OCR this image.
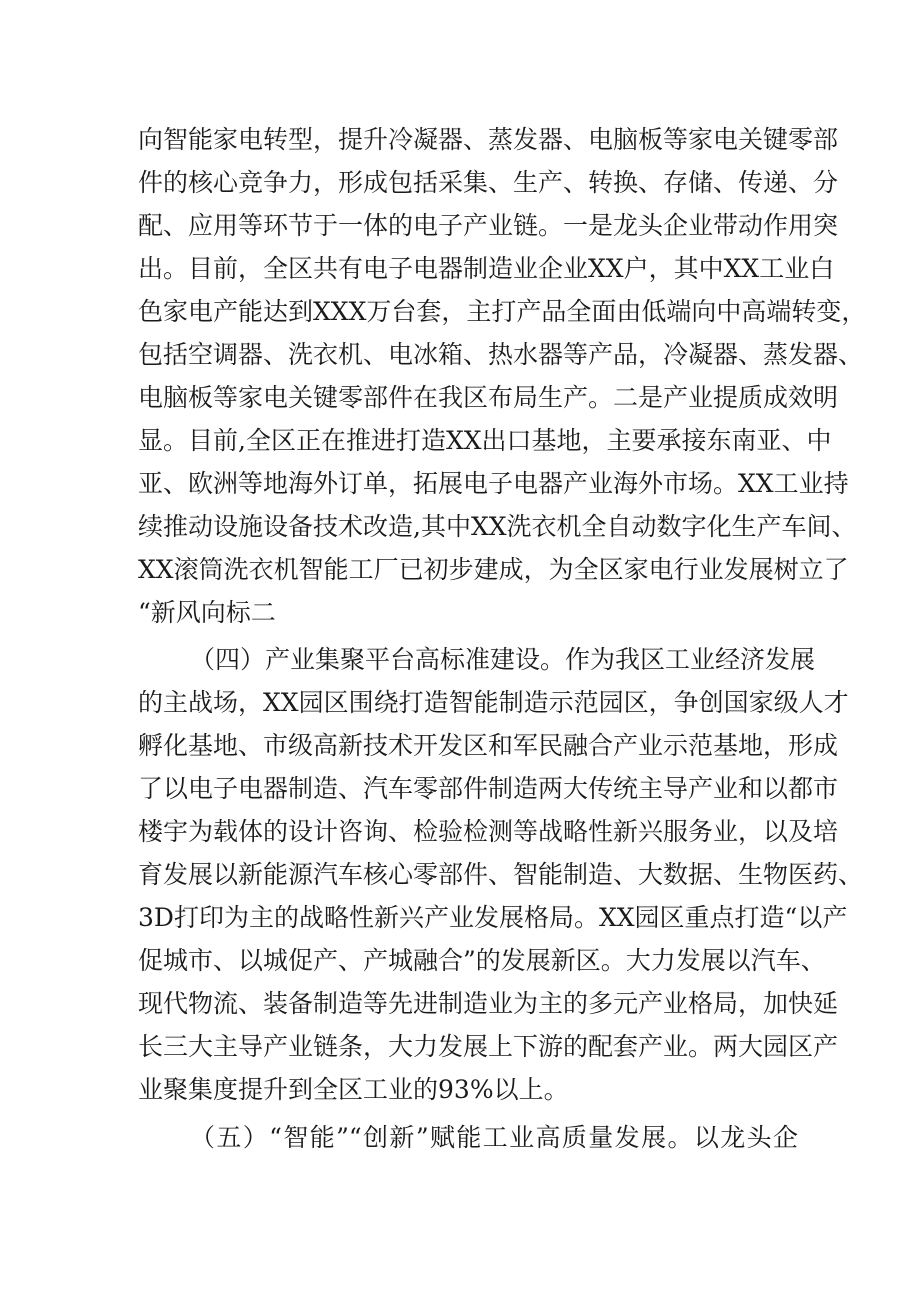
向智能家电转型，提升冷凝器、蒸发器、电脑板等家电关键零部
件的核心竞争力，形成包括采集、生产、转换、存储、传递、分
配、应用等环节于一体的电子产业链。一是龙头企业带动作用突
出。目前，全区共有电子电器制造业企业XX户，其中XX工业白
色家电产能达到XXX万台套，主打产品全面由低端向中高端转变，
包括空调器、洗衣机、电冰箱、热水器等产品，冷凝器、蒸发器、
电脑板等家电关键零部件在我区布局生产。二是产业提质成效明
显。目前,全区正在推进打造XX出口基地，主要承接东南亚、中
亚、欧洲等地海外订单，拓展电子电器产业海外市场。XX工业持
续推动设施设备技术改造,其中XX洗衣机全自动数字化生产车间、
XX滚筒洗衣机智能工厂已初步建成，为全区家电行业发展树立了
“新风向标二
（四）产业集聚平台高标准建设。作为我区工业经济发展
的主战场，XX园区围绕打造智能制造示范园区，争创国家级人才
孵化基地、市级高新技术开发区和军民融合产业示范基地，形成
了以电子电器制造、汽车零部件制造两大传统主导产业和以都市
楼宇为载体的设计咨询、检验检测等战略性新兴服务业，以及培
育发展以新能源汽车核心零部件、智能制造、大数据、生物医药、
3D打印为主的战略性新兴产业发展格局。XX园区重点打造“以产
促城市、以城促产、产城融合”的发展新区。大力发展以汽车、
现代物流、装备制造等先进制造业为主的多元产业格局，加快延
长三大主导产业链条，大力发展上下游的配套产业。两大园区产
业聚集度提升到全区工业的93%以上。
（五）“智能”“创新”赋能工业高质量发展。以龙头企
